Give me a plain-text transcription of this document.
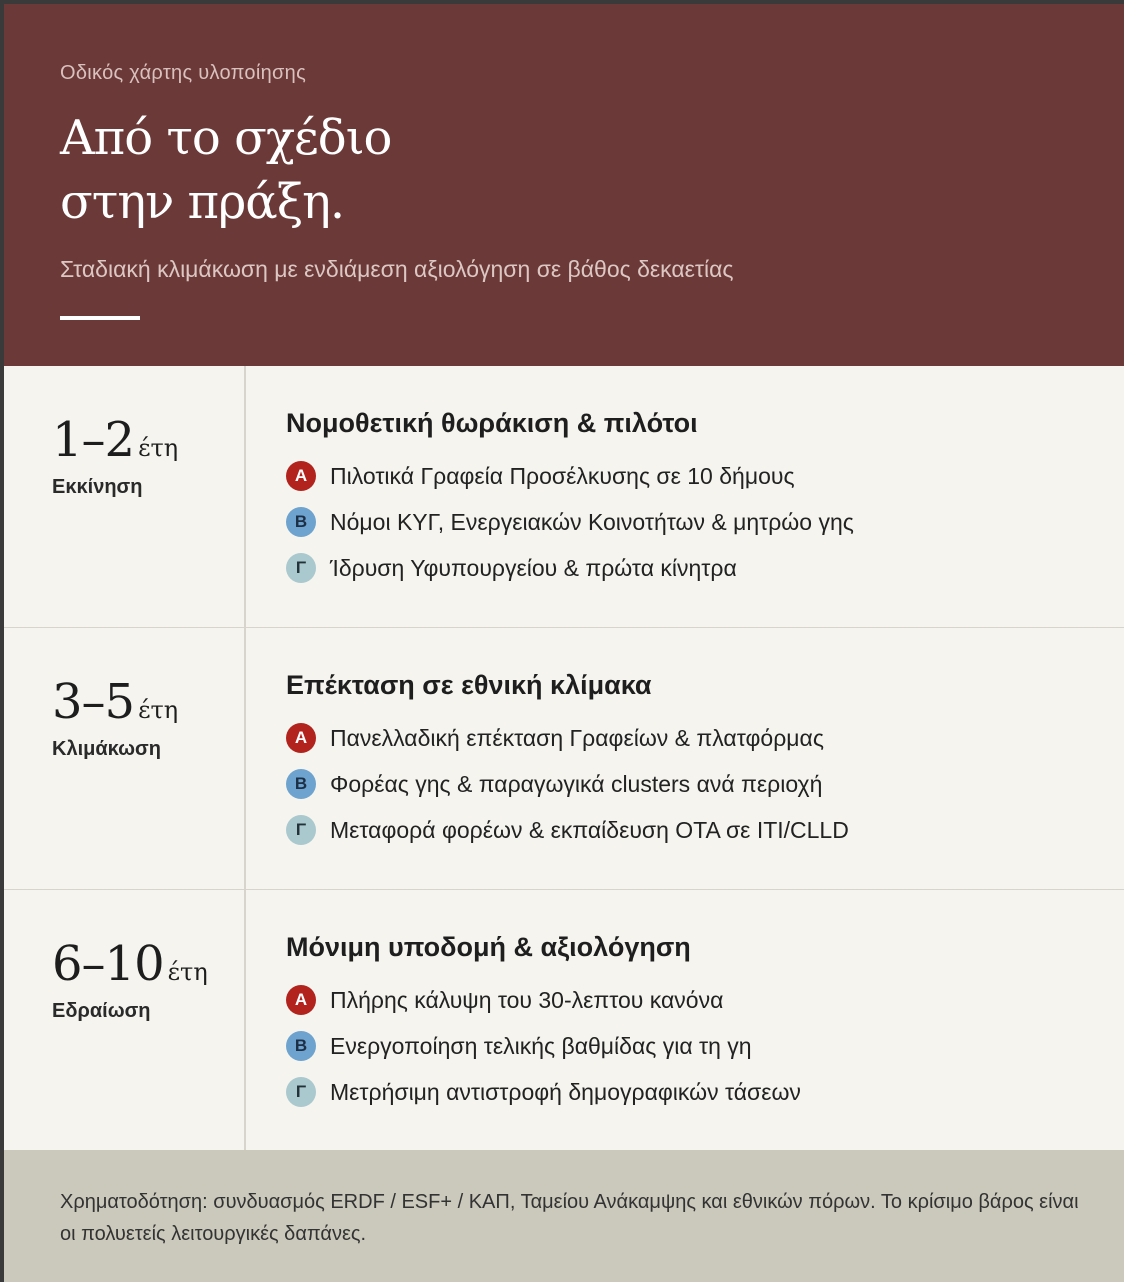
Οδικός χάρτης υλοποίησης
Από το σχέδιο
στην πράξη.
Σταδιακή κλιμάκωση με ενδιάμεση αξιολόγηση σε βάθος δεκαετίας
1–2 έτη
Εκκίνηση
Νομοθετική θωράκιση & πιλότοι
Α Πιλοτικά Γραφεία Προσέλκυσης σε 10 δήμους
Β Νόμοι ΚΥΓ, Ενεργειακών Κοινοτήτων & μητρώο γης
Γ	Ίδρυση Υφυπουργείου & πρώτα κίνητρα
3–5 έτη
Κλιμάκωση
Επέκταση σε εθνική κλίμακα
Α Πανελλαδική επέκταση Γραφείων & πλατφόρμας
Β Φορέας γης & παραγωγικά clusters ανά περιοχή
Γ	Μεταφορά φορέων & εκπαίδευση ΟΤΑ σε ITI/CLLD
6–10 έτη
Εδραίωση
Μόνιμη υποδομή & αξιολόγηση
Α Πλήρης κάλυψη του 30-λεπτου κανόνα
Β Ενεργοποίηση τελικής βαθμίδας για τη γη
Γ	Μετρήσιμη αντιστροφή δημογραφικών τάσεων
Χρηματοδότηση: συνδυασμός ERDF / ESF+ / ΚΑΠ, Ταμείου Ανάκαμψης και εθνικών πόρων. Το κρίσιμο βάρος είναι οι πολυετείς λειτουργικές δαπάνες.
